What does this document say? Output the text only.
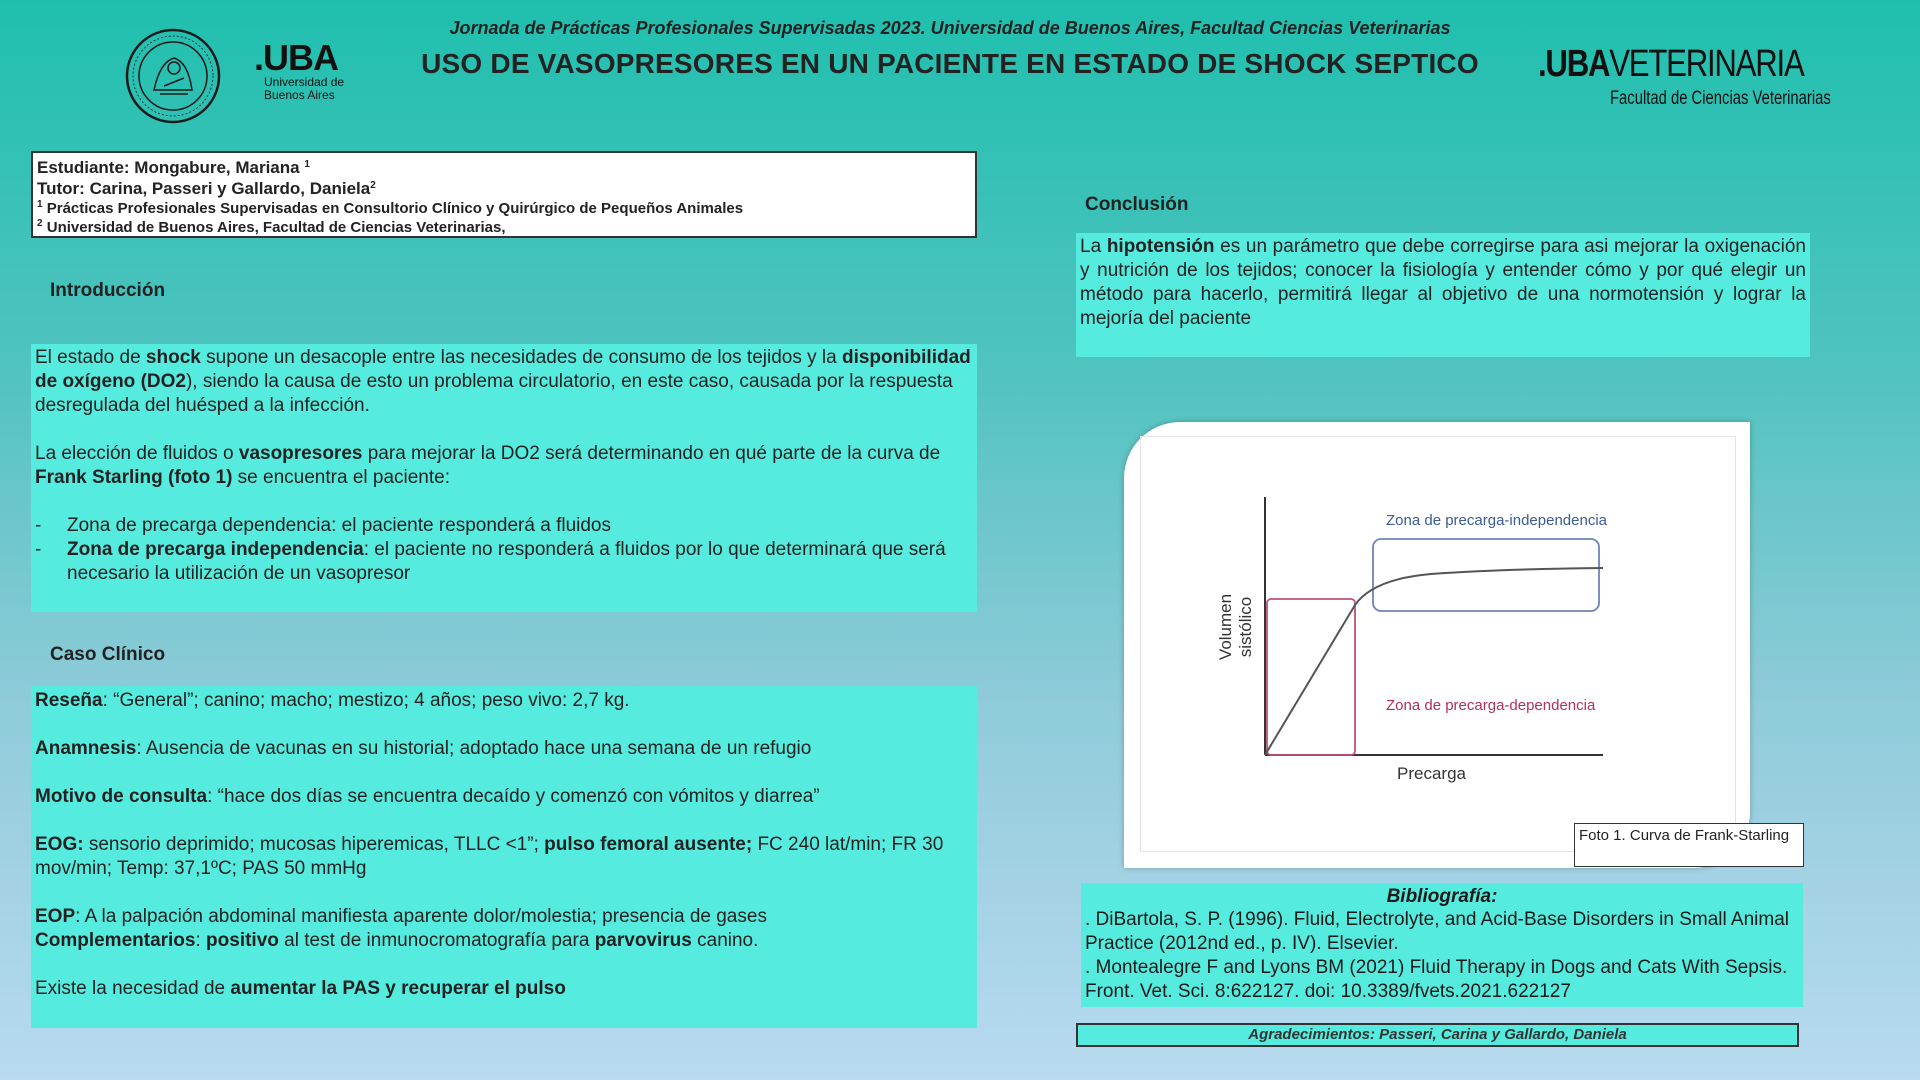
.UBA
Universidad de
Buenos Aires
Jornada de Prácticas Profesionales Supervisadas 2023. Universidad de Buenos Aires, Facultad Ciencias Veterinarias
USO DE VASOPRESORES EN UN PACIENTE EN ESTADO DE SHOCK SEPTICO	.UBAVETERINARIA
Facultad de Ciencias Veterinarias
Estudiante: Mongabure, Mariana $^1$
Tutor: Carina, Passeri y Gallardo, Daniela$^2$
$^1$ Prácticas Profesionales Supervisadas en Consultorio Clínico y Quirúrgico de Pequeños Animales
$^2$ Universidad de Buenos Aires, Facultad de Ciencias Veterinarias,
Introducción
El estado de shock supone un desacople entre las necesidades de consumo de los tejidos y la disponibilidad de oxígeno (DO2), siendo la causa de esto un problema circulatorio, en este caso, causada por la respuesta desregulada del huésped a la infección.
La elección de fluidos o vasopresores para mejorar la DO2 será determinando en qué parte de la curva de Frank Starling (foto 1) se encuentra el paciente:
-	Zona de precarga dependencia: el paciente responderá a fluidos
-	Zona de precarga independencia: el paciente no responderá a fluidos por lo que determinará que será necesario la utilización de un vasopresor
Caso Clínico
Reseña: “General”; canino; macho; mestizo; 4 años; peso vivo: 2,7 kg.
Anamnesis: Ausencia de vacunas en su historial; adoptado hace una semana de un refugio
Motivo de consulta: “hace dos días se encuentra decaído y comenzó con vómitos y diarrea”
EOG: sensorio deprimido; mucosas hiperemicas, TLLC <1”; pulso femoral ausente; FC 240 lat/min; FR 30 mov/min; Temp: 37,1ºC; PAS 50 mmHg
EOP: A la palpación abdominal manifiesta aparente dolor/molestia; presencia de gases
Complementarios: positivo al test de inmunocromatografía para parvovirus canino.
Existe la necesidad de aumentar la PAS y recuperar el pulso
Conclusión
La hipotensión es un parámetro que debe corregirse para asi mejorar la oxigenación y nutrición de los tejidos; conocer la fisiología y entender cómo y por qué elegir un método para hacerlo, permitirá llegar al objetivo de una normotensión y lograr la mejoría del paciente
Zona de precarga-independencia
Zona de precarga-dependencia
Precarga
Volumen sistólico
Foto 1. Curva de Frank-Starling
Bibliografía:
. DiBartola, S. P. (1996). Fluid, Electrolyte, and Acid-Base Disorders in Small Animal Practice (2012nd ed., p. IV). Elsevier.
. Montealegre F and Lyons BM (2021) Fluid Therapy in Dogs and Cats With Sepsis. Front. Vet. Sci. 8:622127. doi: 10.3389/fvets.2021.622127
Agradecimientos: Passeri, Carina y Gallardo, Daniela
